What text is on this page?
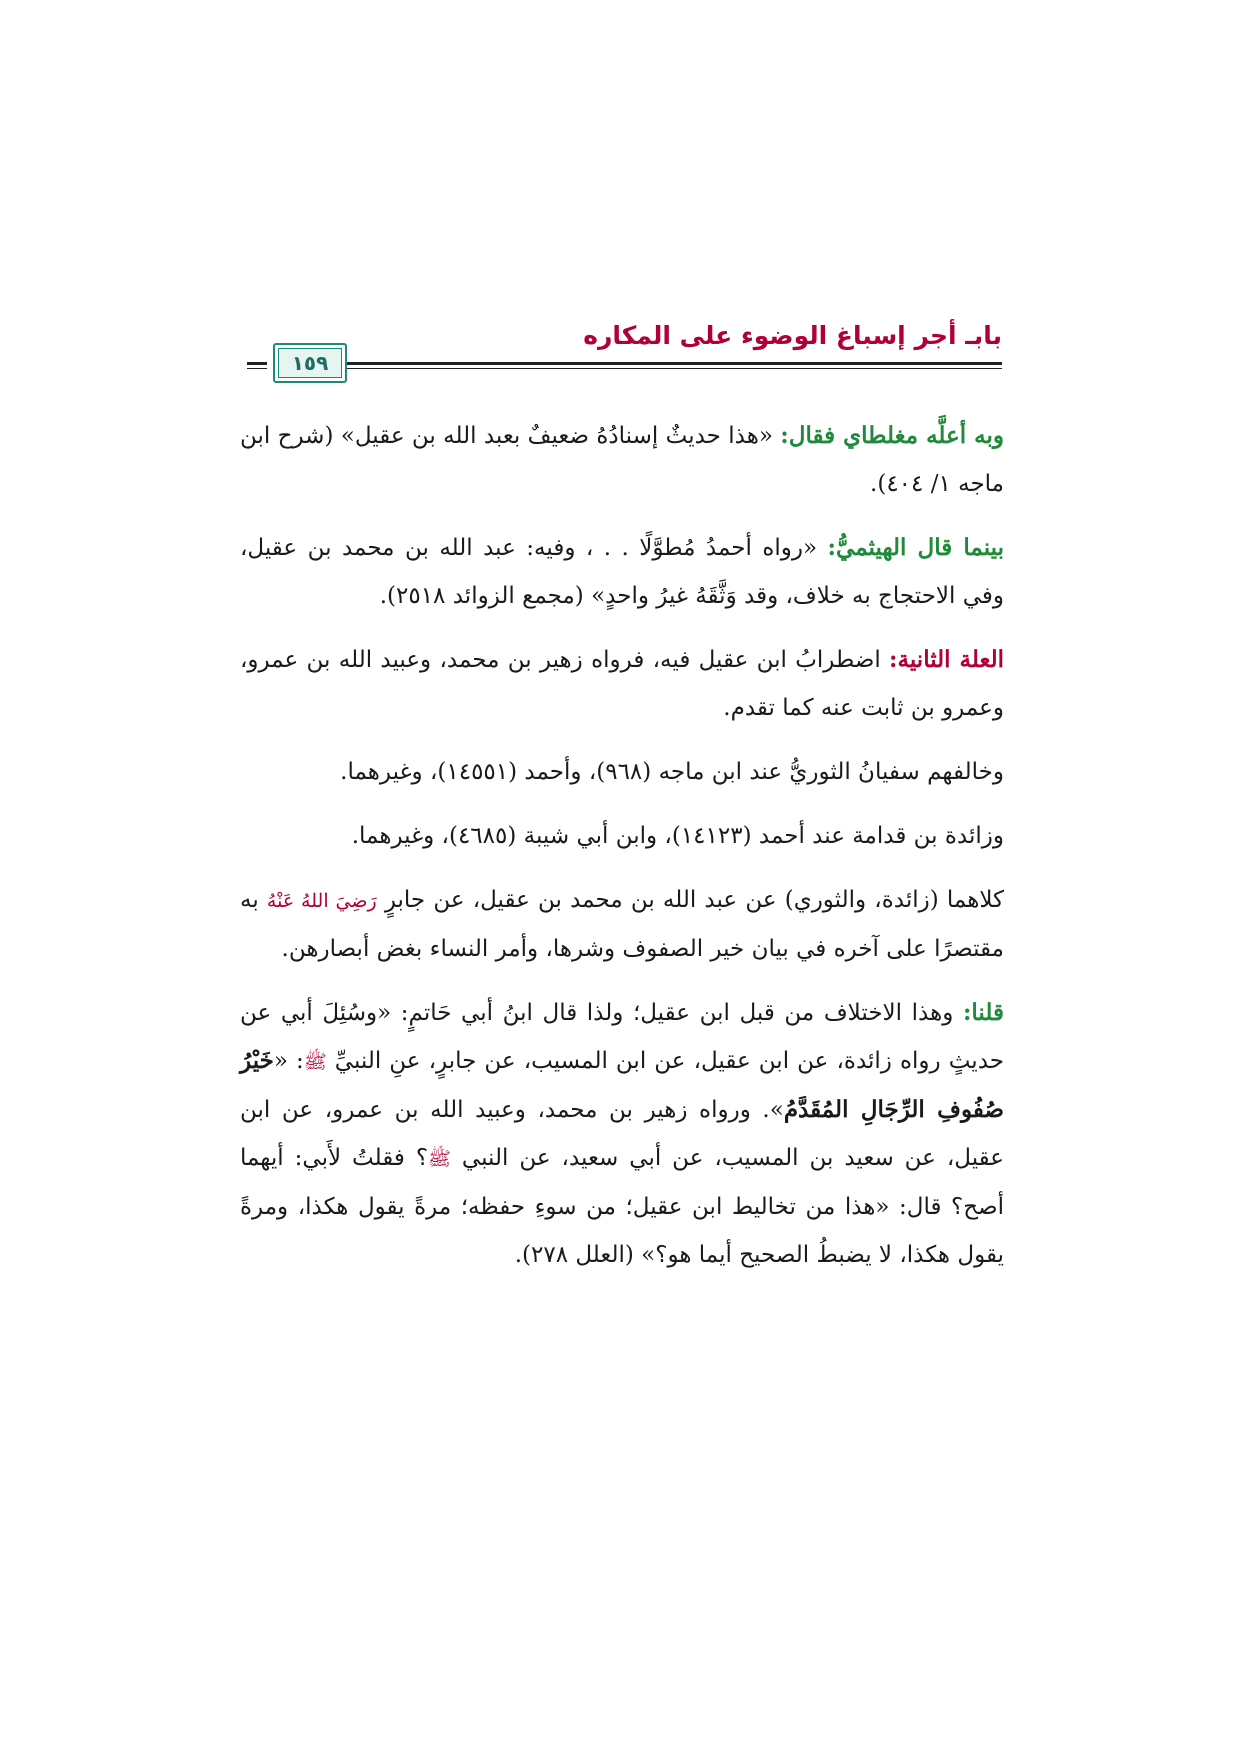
بابـ أجر إسباغ الوضوء على المكاره
١٥٩

وبه أعلَّه مغلطاي فقال: «هذا حديثٌ إسنادُهُ ضعيفٌ بعبد الله بن عقيل» (شرح ابن ماجه ١/ ٤٠٤).

بينما قال الهيثميُّ: «رواه أحمدُ مُطوَّلًا . . ، وفيه: عبد الله بن محمد بن عقيل، وفي الاحتجاج به خلاف، وقد وَثَّقَهُ غيرُ واحدٍ» (مجمع الزوائد ٢٥١٨).

العلة الثانية: اضطرابُ ابن عقيل فيه، فرواه زهير بن محمد، وعبيد الله بن عمرو، وعمرو بن ثابت عنه كما تقدم.

وخالفهم سفيانُ الثوريُّ عند ابن ماجه (٩٦٨)، وأحمد (١٤٥٥١)، وغيرهما.

وزائدة بن قدامة عند أحمد (١٤١٢٣)، وابن أبي شيبة (٤٦٨٥)، وغيرهما.

كلاهما (زائدة، والثوري) عن عبد الله بن محمد بن عقيل، عن جابرٍ رَضِيَ اللهُ عَنْهُ به مقتصرًا على آخره في بيان خير الصفوف وشرها، وأمر النساء بغض أبصارهن.

قلنا: وهذا الاختلاف من قبل ابن عقيل؛ ولذا قال ابنُ أبي حَاتمٍ: «وسُئِلَ أبي عن حديثٍ رواه زائدة، عن ابن عقيل، عن ابن المسيب، عن جابرٍ، عنِ النبيِّ ﷺ: «خَيْرُ صُفُوفِ الرِّجَالِ المُقَدَّمُ». ورواه زهير بن محمد، وعبيد الله بن عمرو، عن ابن عقيل، عن سعيد بن المسيب، عن أبي سعيد، عن النبي ﷺ؟ فقلتُ لأَبي: أيهما أصح؟ قال: «هذا من تخاليط ابن عقيل؛ من سوءِ حفظه؛ مرةً يقول هكذا، ومرةً يقول هكذا، لا يضبطُ الصحيح أيما هو؟» (العلل ٢٧٨).
